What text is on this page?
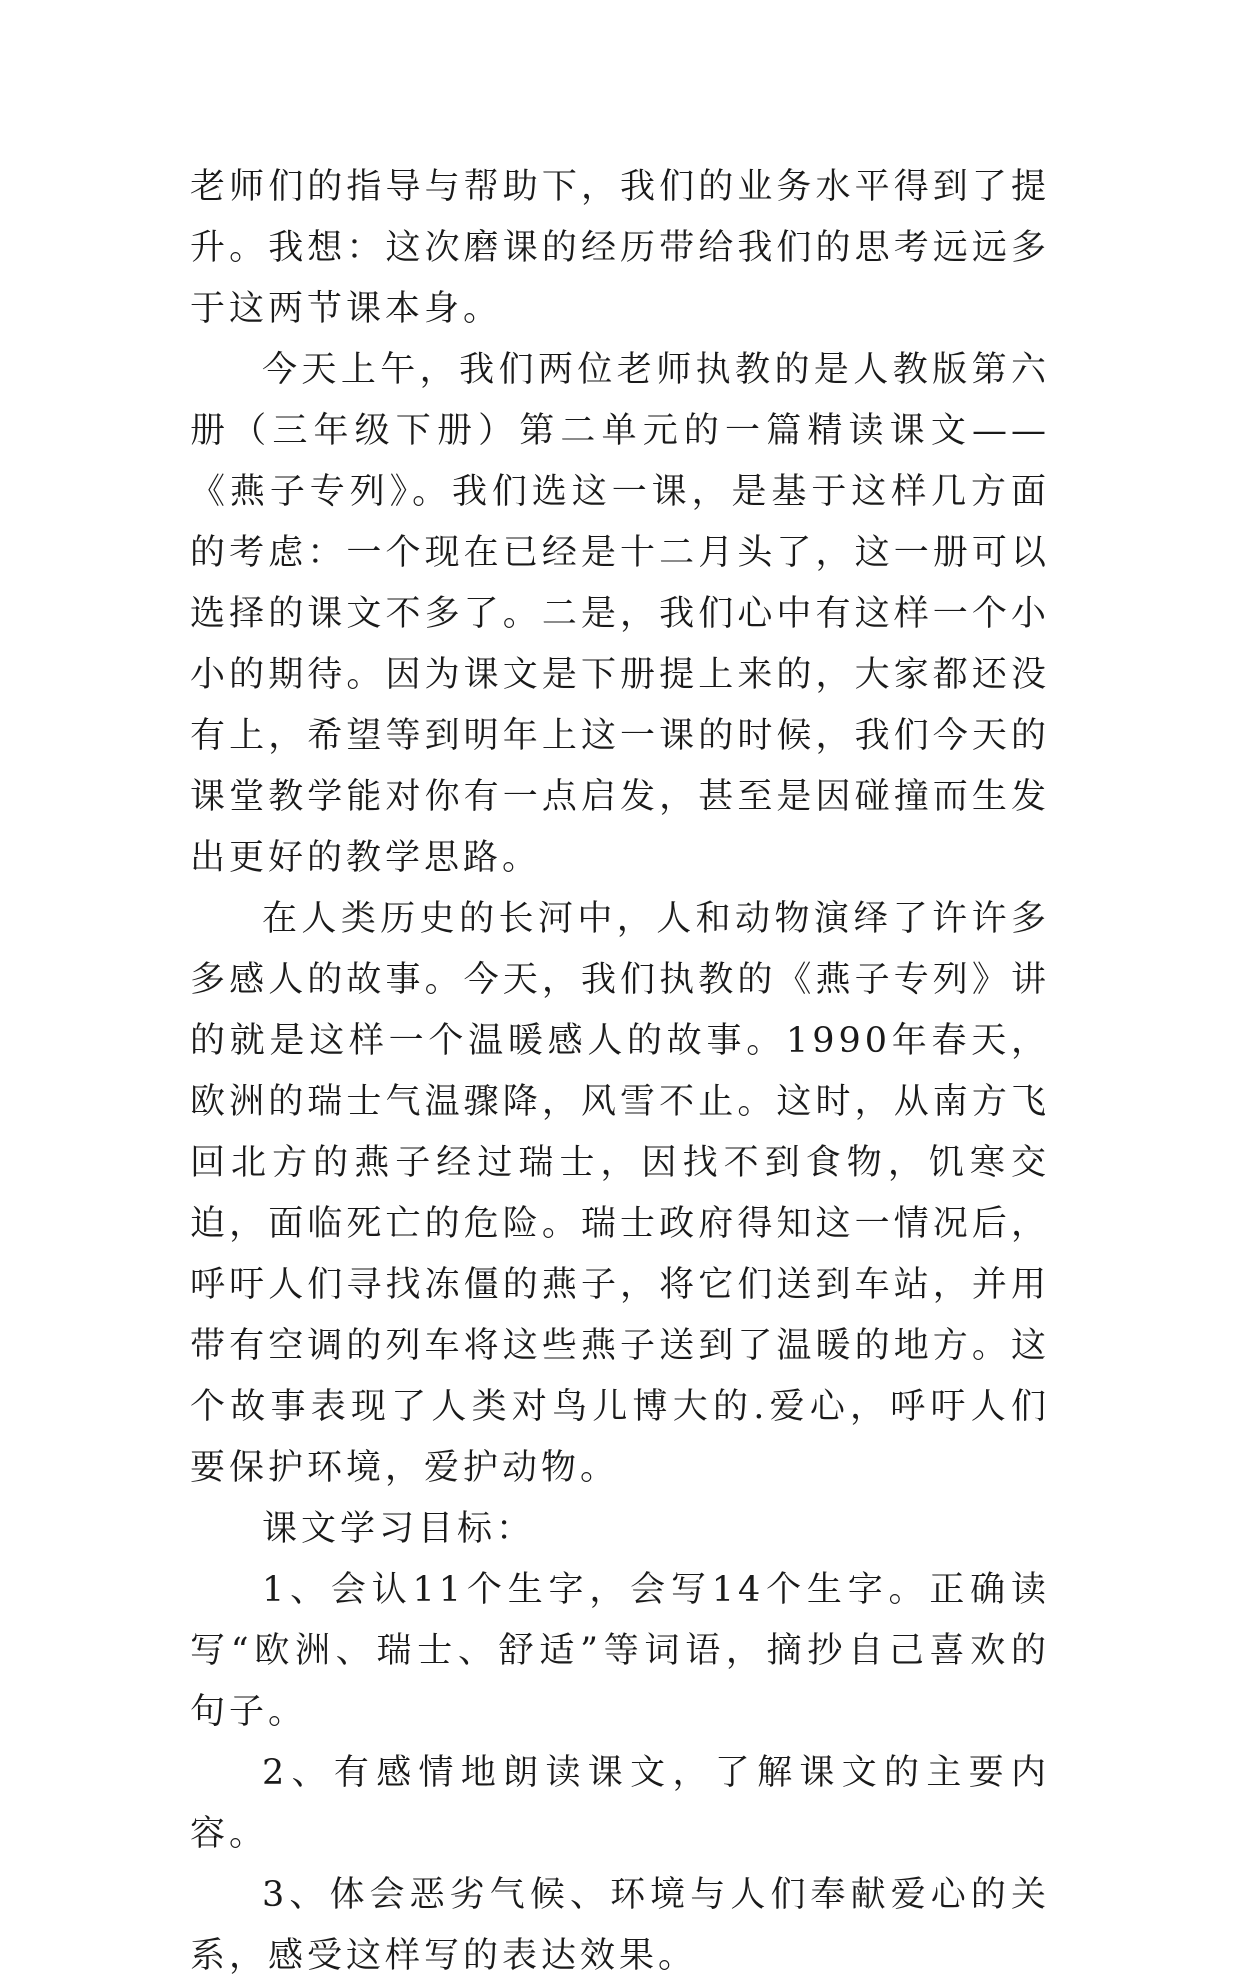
老师们的指导与帮助下，我们的业务水平得到了提升。我想：这次磨课的经历带给我们的思考远远多于这两节课本身。

今天上午，我们两位老师执教的是人教版第六册（三年级下册）第二单元的一篇精读课文——《燕子专列》。我们选这一课，是基于这样几方面的考虑：一个现在已经是十二月头了，这一册可以选择的课文不多了。二是，我们心中有这样一个小小的期待。因为课文是下册提上来的，大家都还没有上，希望等到明年上这一课的时候，我们今天的课堂教学能对你有一点启发，甚至是因碰撞而生发出更好的教学思路。

在人类历史的长河中，人和动物演绎了许许多多感人的故事。今天，我们执教的《燕子专列》讲的就是这样一个温暖感人的故事。1990年春天，欧洲的瑞士气温骤降，风雪不止。这时，从南方飞回北方的燕子经过瑞士，因找不到食物，饥寒交迫，面临死亡的危险。瑞士政府得知这一情况后，呼吁人们寻找冻僵的燕子，将它们送到车站，并用带有空调的列车将这些燕子送到了温暖的地方。这个故事表现了人类对鸟儿博大的.爱心，呼吁人们要保护环境，爱护动物。

课文学习目标：

1、会认11个生字，会写14个生字。正确读写“欧洲、瑞士、舒适”等词语，摘抄自己喜欢的句子。

2、有感情地朗读课文，了解课文的主要内容。

3、体会恶劣气候、环境与人们奉献爱心的关系，感受这样写的表达效果。
